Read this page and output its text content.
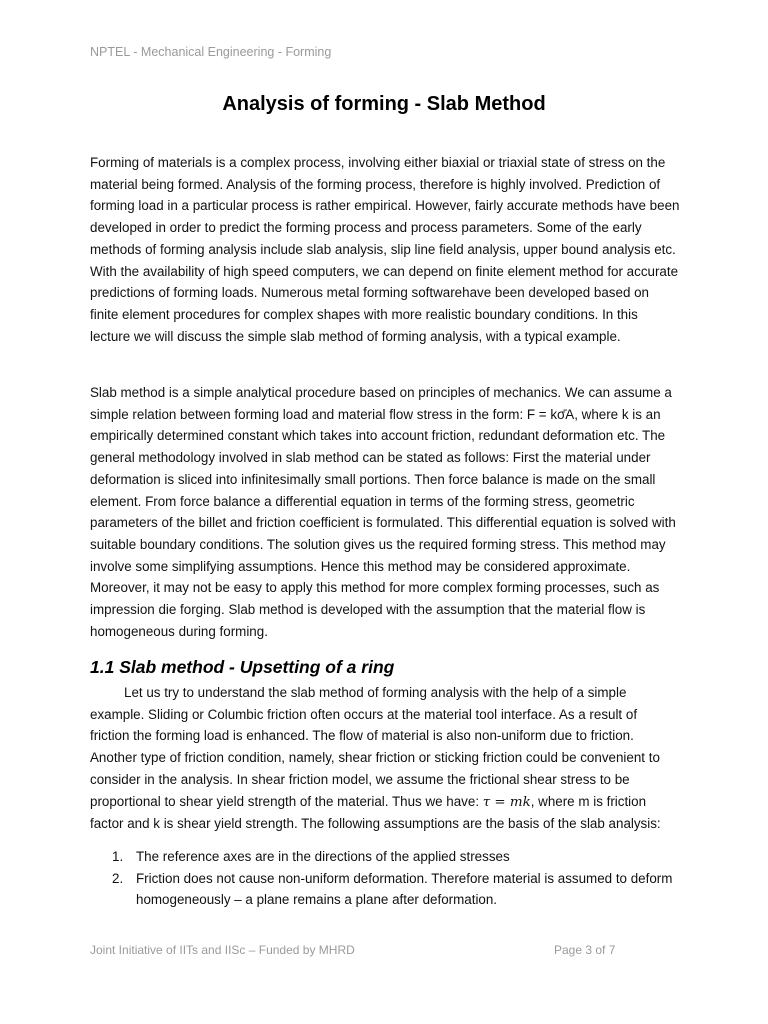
NPTEL - Mechanical Engineering - Forming
Analysis of forming - Slab Method
Forming of materials is a complex process, involving either biaxial or triaxial state of stress on the material being formed. Analysis of the forming process, therefore is highly involved. Prediction of forming load in a particular process is rather empirical. However, fairly accurate methods have been developed in order to predict the forming process and process parameters. Some of the early methods of forming analysis include slab analysis, slip line field analysis, upper bound analysis etc. With the availability of high speed computers, we can depend on finite element method for accurate predictions of forming loads. Numerous metal forming softwarehave been developed based on finite element procedures for complex shapes with more realistic boundary conditions. In this lecture we will discuss the simple slab method of forming analysis, with a typical example.
Slab method is a simple analytical procedure based on principles of mechanics. We can assume a simple relation between forming load and material flow stress in the form: F = kσ̄A, where k is an empirically determined constant which takes into account friction, redundant deformation etc. The general methodology involved in slab method can be stated as follows: First the material under deformation is sliced into infinitesimally small portions. Then force balance is made on the small element. From force balance a differential equation in terms of the forming stress, geometric parameters of the billet and friction coefficient is formulated. This differential equation is solved with suitable boundary conditions. The solution gives us the required forming stress. This method may involve some simplifying assumptions. Hence this method may be considered approximate. Moreover, it may not be easy to apply this method for more complex forming processes, such as impression die forging. Slab method is developed with the assumption that the material flow is homogeneous during forming.
1.1 Slab method - Upsetting of a ring
Let us try to understand the slab method of forming analysis with the help of a simple example. Sliding or Columbic friction often occurs at the material tool interface. As a result of friction the forming load is enhanced. The flow of material is also non-uniform due to friction. Another type of friction condition, namely, shear friction or sticking friction could be convenient to consider in the analysis. In shear friction model, we assume the frictional shear stress to be proportional to shear yield strength of the material. Thus we have: τ = mk, where m is friction factor and k is shear yield strength. The following assumptions are the basis of the slab analysis:
1. The reference axes are in the directions of the applied stresses
2. Friction does not cause non-uniform deformation. Therefore material is assumed to deform homogeneously – a plane remains a plane after deformation.
Joint Initiative of IITs and IISc – Funded by MHRD	Page 3 of 7
